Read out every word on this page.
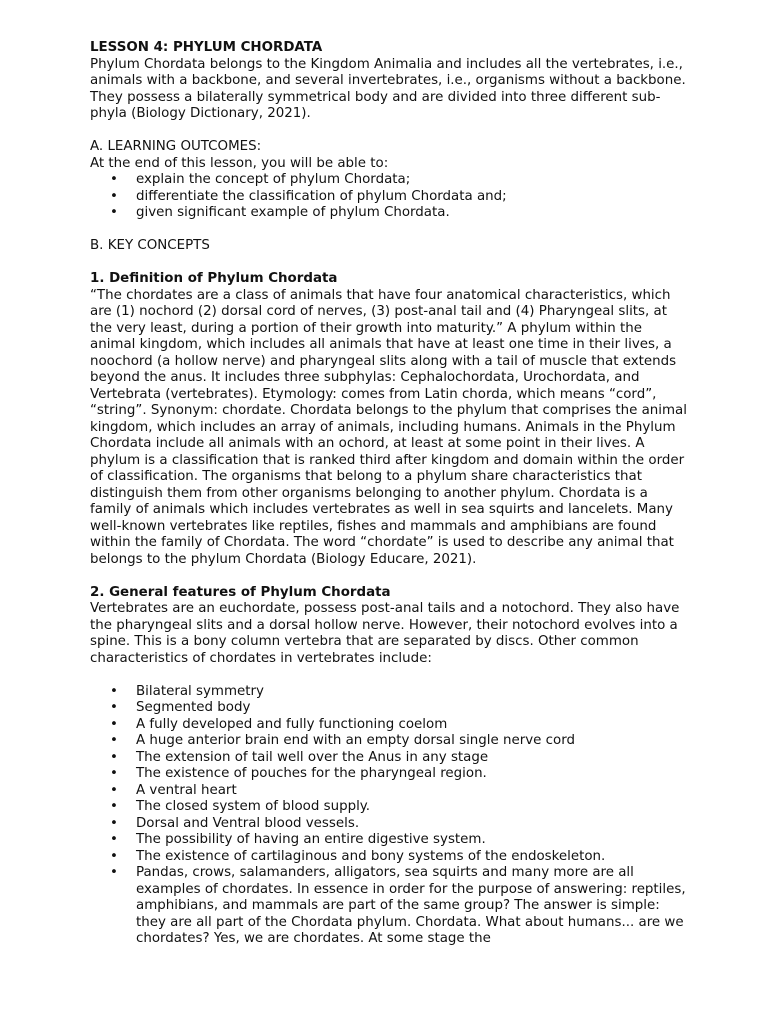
LESSON 4: PHYLUM CHORDATA

Phylum Chordata belongs to the Kingdom Animalia and includes all the vertebrates, i.e., animals with a backbone, and several invertebrates, i.e., organisms without a backbone. They possess a bilaterally symmetrical body and are divided into three different sub-phyla (Biology Dictionary, 2021).

A. LEARNING OUTCOMES:

At the end of this lesson, you will be able to:

• explain the concept of phylum Chordata;
• differentiate the classification of phylum Chordata and;
• given significant example of phylum Chordata.

B. KEY CONCEPTS

1. Definition of Phylum Chordata

“The chordates are a class of animals that have four anatomical characteristics, which are (1) nochord (2) dorsal cord of nerves, (3) post-anal tail and (4) Pharyngeal slits, at the very least, during a portion of their growth into maturity.” A phylum within the animal kingdom, which includes all animals that have at least one time in their lives, a noochord (a hollow nerve) and pharyngeal slits along with a tail of muscle that extends beyond the anus. It includes three subphylas: Cephalochordata, Urochordata, and Vertebrata (vertebrates). Etymology: comes from Latin chorda, which means “cord”, “string”. Synonym: chordate. Chordata belongs to the phylum that comprises the animal kingdom, which includes an array of animals, including humans. Animals in the Phylum Chordata include all animals with an ochord, at least at some point in their lives. A phylum is a classification that is ranked third after kingdom and domain within the order of classification. The organisms that belong to a phylum share characteristics that distinguish them from other organisms belonging to another phylum. Chordata is a family of animals which includes vertebrates as well in sea squirts and lancelets. Many well-known vertebrates like reptiles, fishes and mammals and amphibians are found within the family of Chordata. The word “chordate” is used to describe any animal that belongs to the phylum Chordata (Biology Educare, 2021).

2. General features of Phylum Chordata

Vertebrates are an euchordate, possess post-anal tails and a notochord. They also have the pharyngeal slits and a dorsal hollow nerve. However, their notochord evolves into a spine. This is a bony column vertebra that are separated by discs. Other common characteristics of chordates in vertebrates include:

• Bilateral symmetry
• Segmented body
• A fully developed and fully functioning coelom
• A huge anterior brain end with an empty dorsal single nerve cord
• The extension of tail well over the Anus in any stage
• The existence of pouches for the pharyngeal region.
• A ventral heart
• The closed system of blood supply.
• Dorsal and Ventral blood vessels.
• The possibility of having an entire digestive system.
• The existence of cartilaginous and bony systems of the endoskeleton.
• Pandas, crows, salamanders, alligators, sea squirts and many more are all examples of chordates. In essence in order for the purpose of answering: reptiles, amphibians, and mammals are part of the same group? The answer is simple: they are all part of the Chordata phylum. Chordata. What about humans... are we chordates? Yes, we are chordates. At some stage the
